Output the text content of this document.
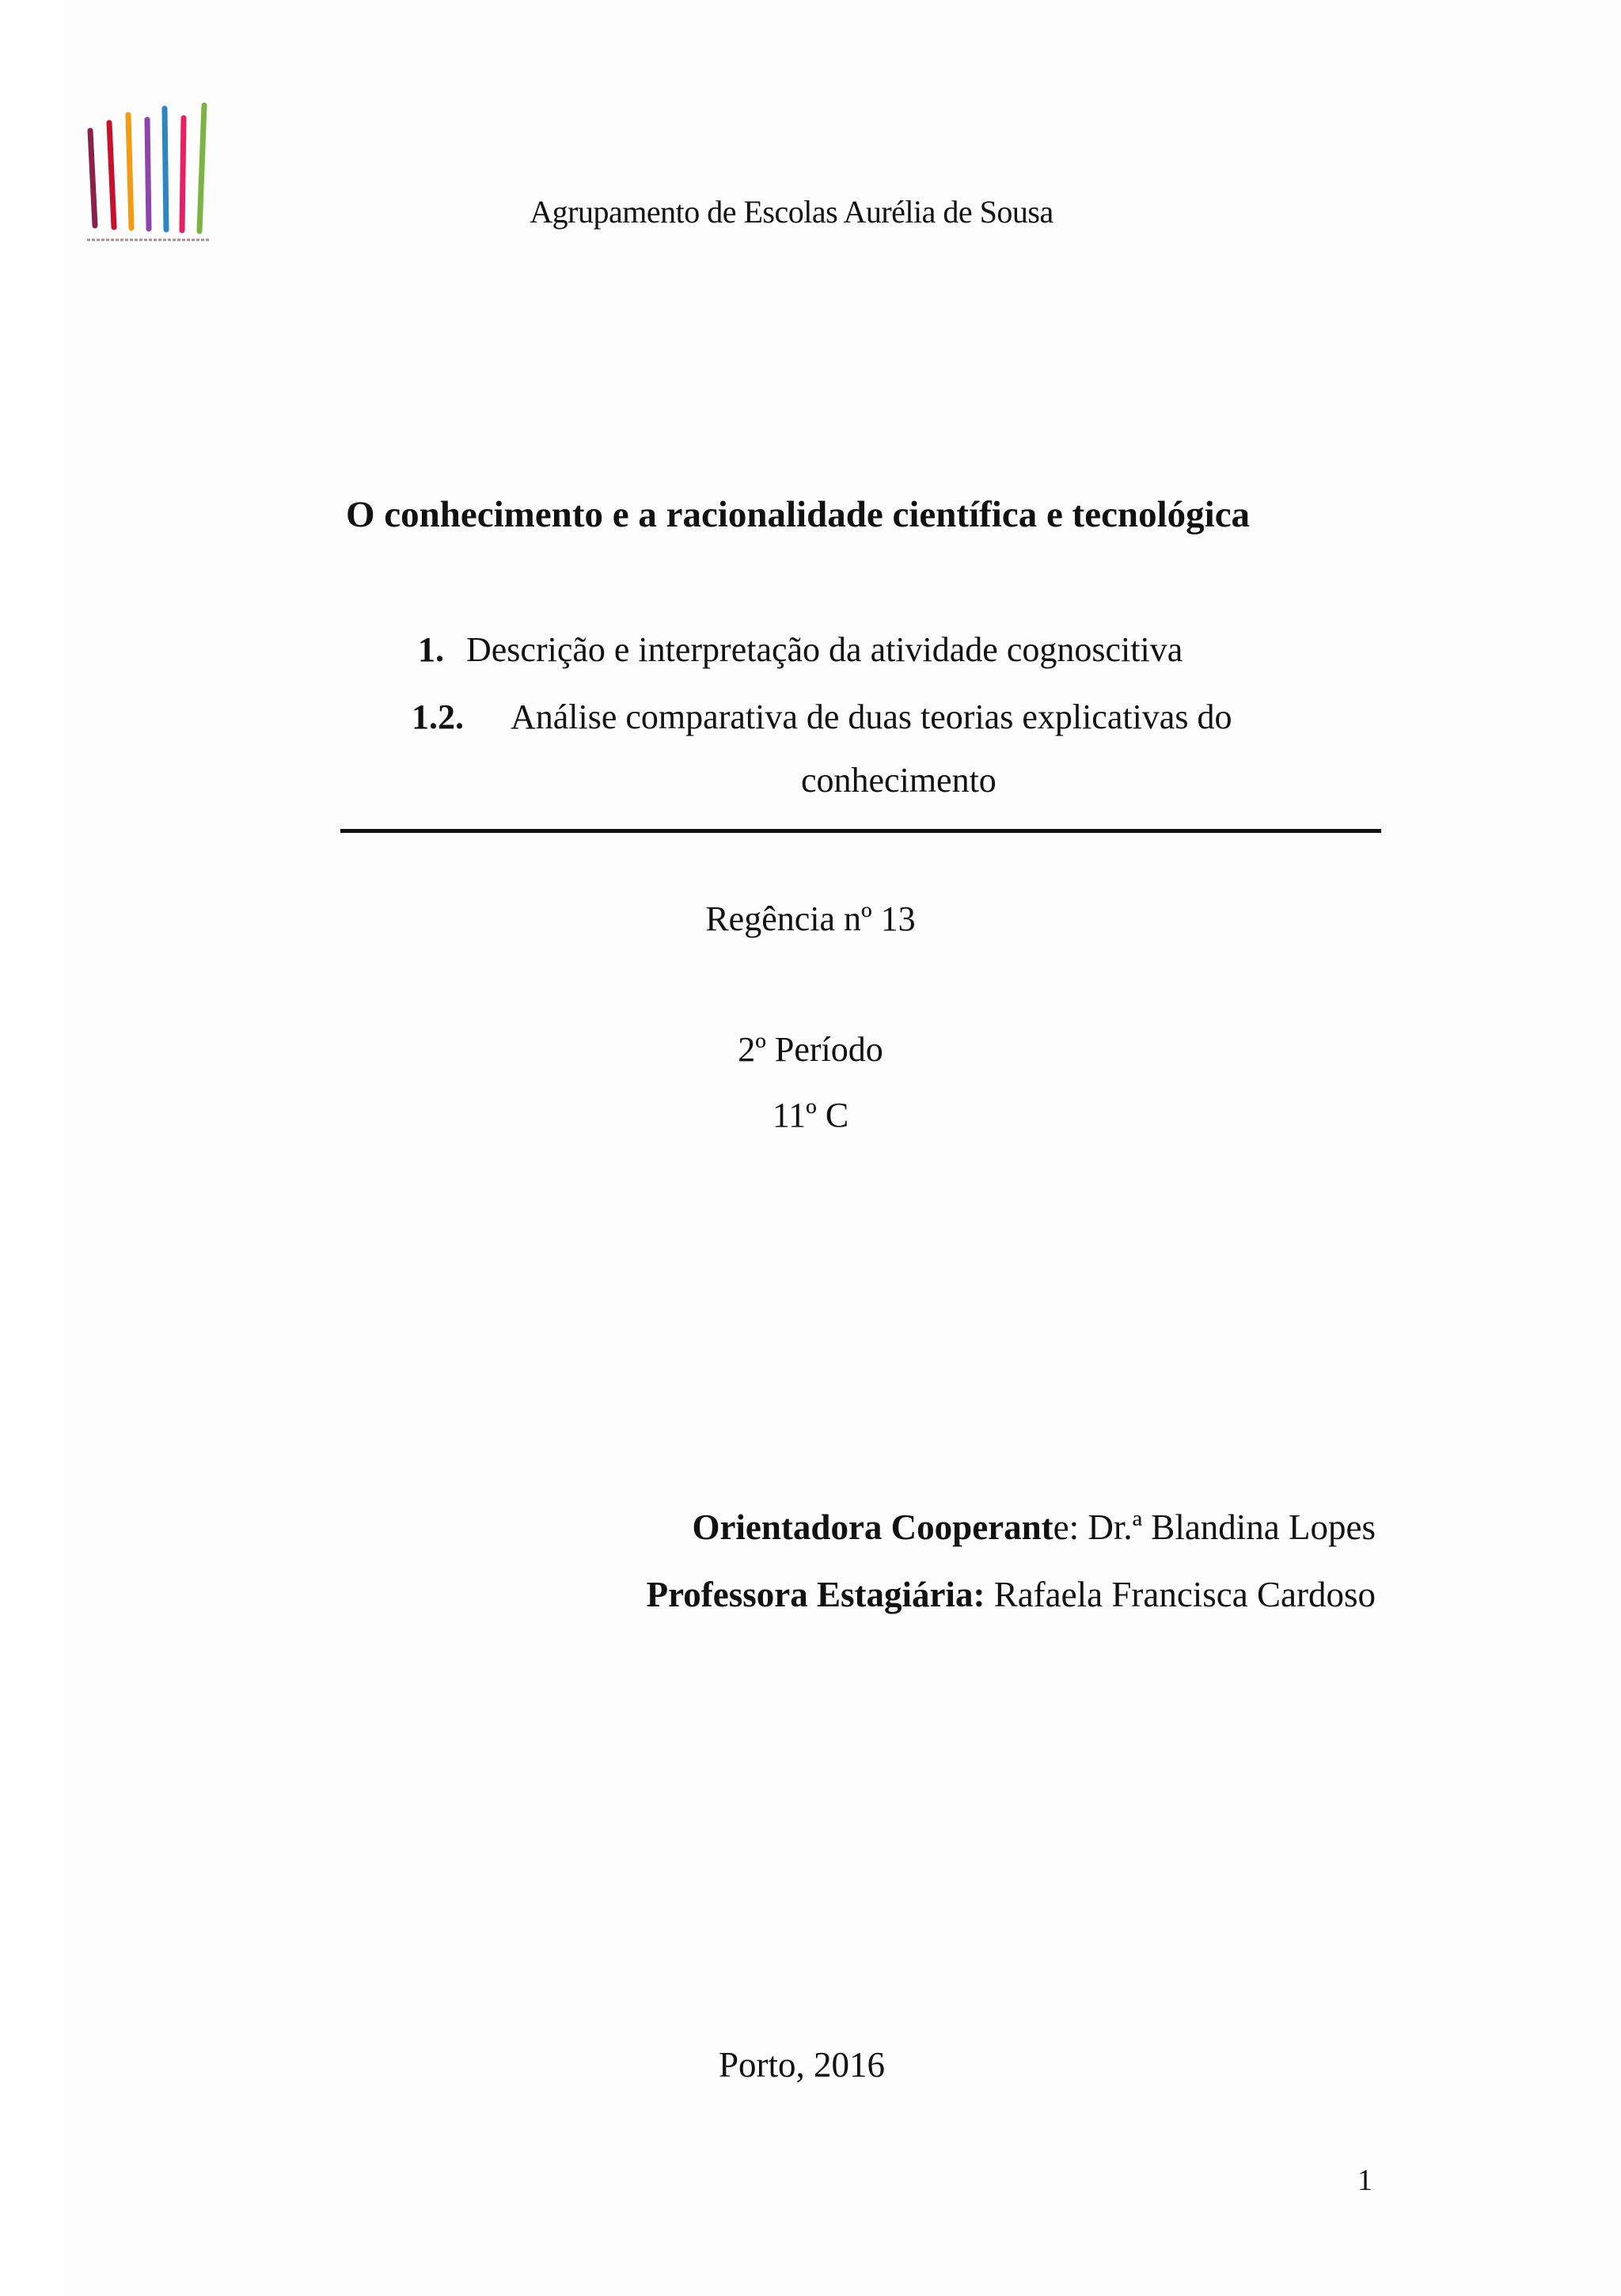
Agrupamento de Escolas Aurélia de Sousa
O conhecimento e a racionalidade científica e tecnológica
1. Descrição e interpretação da atividade cognoscitiva
1.2. Análise comparativa de duas teorias explicativas do
conhecimento
Regência nº 13
2º Período
11º C
Orientadora Cooperante: Dr.ª Blandina Lopes
Professora Estagiária: Rafaela Francisca Cardoso
Porto, 2016
1
